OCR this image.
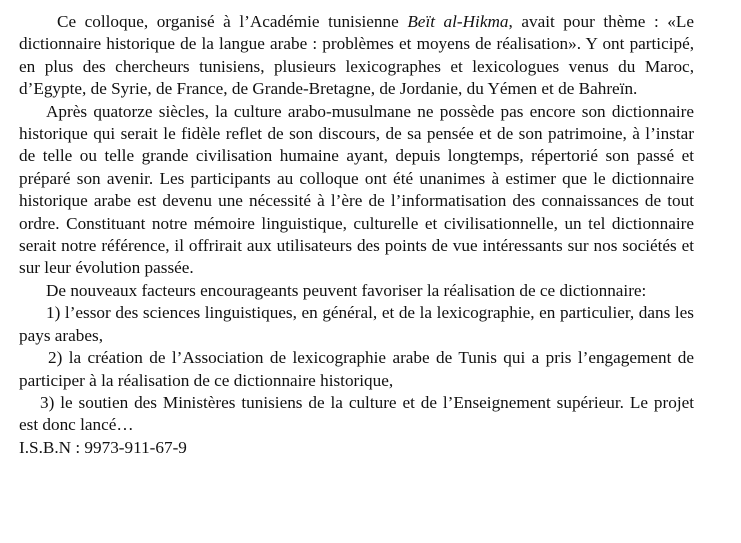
Ce colloque, organisé à l’Académie tunisienne Beït al-Hikma, avait pour thème : «Le dictionnaire historique de la langue arabe : problèmes et moyens de réalisation». Y ont participé, en plus des chercheurs tunisiens, plusieurs lexicographes et lexicologues venus du Maroc, d’Egypte, de Syrie, de France, de Grande-Bretagne, de Jordanie, du Yémen et de Bahreïn.

Après quatorze siècles, la culture arabo-musulmane ne possède pas encore son dictionnaire historique qui serait le fidèle reflet de son discours, de sa pensée et de son patrimoine, à l’instar de telle ou telle grande civilisation humaine ayant, depuis longtemps, répertorié son passé et préparé son avenir. Les participants au colloque ont été unanimes à estimer que le dictionnaire historique arabe est devenu une nécessité à l’ère de l’informatisation des connaissances de tout ordre. Constituant notre mémoire linguistique, culturelle et civilisationnelle, un tel dictionnaire serait notre référence, il offrirait aux utilisateurs des points de vue intéressants sur nos sociétés et sur leur évolution passée.

De nouveaux facteurs encourageants peuvent favoriser la réalisation de ce dictionnaire:

1) l’essor des sciences linguistiques, en général, et de la lexicographie, en particulier, dans les pays arabes,

2) la création de l’Association de lexicographie arabe de Tunis qui a pris l’engagement de participer à la réalisation de ce dictionnaire historique,

3) le soutien des Ministères tunisiens de la culture et de l’Enseignement supérieur. Le projet est donc lancé…

I.S.B.N : 9973-911-67-9
